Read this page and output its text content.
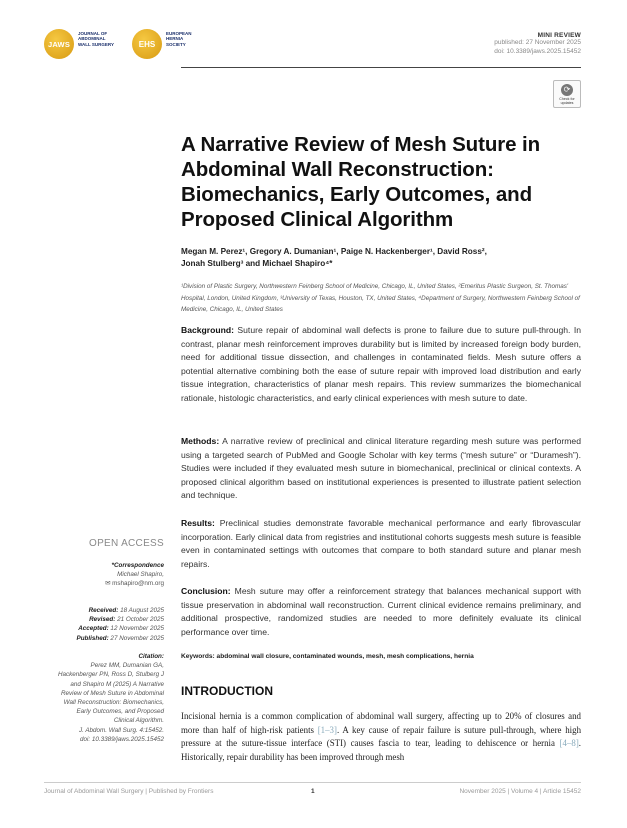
JAWS
JOURNAL OF
ABDOMINAL
WALL SURGERY	EHS
EUROPEAN
HERNIA
SOCIETY
MINI REVIEW
published: 27 November 2025
doi: 10.3389/jaws.2025.15452
⟳
Check for
updates
A Narrative Review of Mesh Suture in Abdominal Wall Reconstruction: Biomechanics, Early Outcomes, and Proposed Clinical Algorithm
Megan M. Perez¹, Gregory A. Dumanian¹, Paige N. Hackenberger¹, David Ross²,
Jonah Stulberg³ and Michael Shapiro⁴*
¹Division of Plastic Surgery, Northwestern Feinberg School of Medicine, Chicago, IL, United States, ²Emeritus Plastic Surgeon, St. Thomas' Hospital, London, United Kingdom, ³University of Texas, Houston, TX, United States, ⁴Department of Surgery, Northwestern Feinberg School of Medicine, Chicago, IL, United States

Background: Suture repair of abdominal wall defects is prone to failure due to suture pull-through. In contrast, planar mesh reinforcement improves durability but is limited by increased foreign body burden, need for additional tissue dissection, and challenges in contaminated fields. Mesh suture offers a potential alternative combining both the ease of suture repair with improved load distribution and early tissue integration, characteristics of planar mesh repairs. This review summarizes the biomechanical rationale, histologic characteristics, and early clinical experiences with mesh suture to date.

Methods: A narrative review of preclinical and clinical literature regarding mesh suture was performed using a targeted search of PubMed and Google Scholar with key terms (“mesh suture” or “Duramesh”). Studies were included if they evaluated mesh suture in biomechanical, preclinical or clinical contexts. A proposed clinical algorithm based on institutional experiences is presented to illustrate patient selection and technique.

Results: Preclinical studies demonstrate favorable mechanical performance and early fibrovascular incorporation. Early clinical data from registries and institutional cohorts suggests mesh suture is feasible even in contaminated settings with outcomes that compare to both standard suture and planar mesh repairs.

Conclusion: Mesh suture may offer a reinforcement strategy that balances mechanical support with tissue preservation in abdominal wall reconstruction. Current clinical evidence remains preliminary, and additional prospective, randomized studies are needed to more definitely evaluate its clinical performance over time.

Keywords: abdominal wall closure, contaminated wounds, mesh, mesh complications, hernia
INTRODUCTION

Incisional hernia is a common complication of abdominal wall surgery, affecting up to 20% of closures and more than half of high-risk patients [1–3]. A key cause of repair failure is suture pull-through, where high pressure at the suture-tissue interface (STI) causes fascia to tear, leading to dehiscence or hernia [4–8]. Historically, repair durability has been improved through mesh

OPEN ACCESS
*Correspondence
Michael Shapiro,
✉ mshapiro@nm.org
Received: 18 August 2025
Revised: 21 October 2025
Accepted: 12 November 2025
Published: 27 November 2025
Citation:
Perez MM, Dumanian GA,
Hackenberger PN, Ross D, Stulberg J
and Shapiro M (2025) A Narrative
Review of Mesh Suture in Abdominal
Wall Reconstruction: Biomechanics,
Early Outcomes, and Proposed
Clinical Algorithm.
J. Abdom. Wall Surg. 4:15452.
doi: 10.3389/jaws.2025.15452
Journal of Abdominal Wall Surgery | Published by Frontiers	1	November 2025 | Volume 4 | Article 15452
